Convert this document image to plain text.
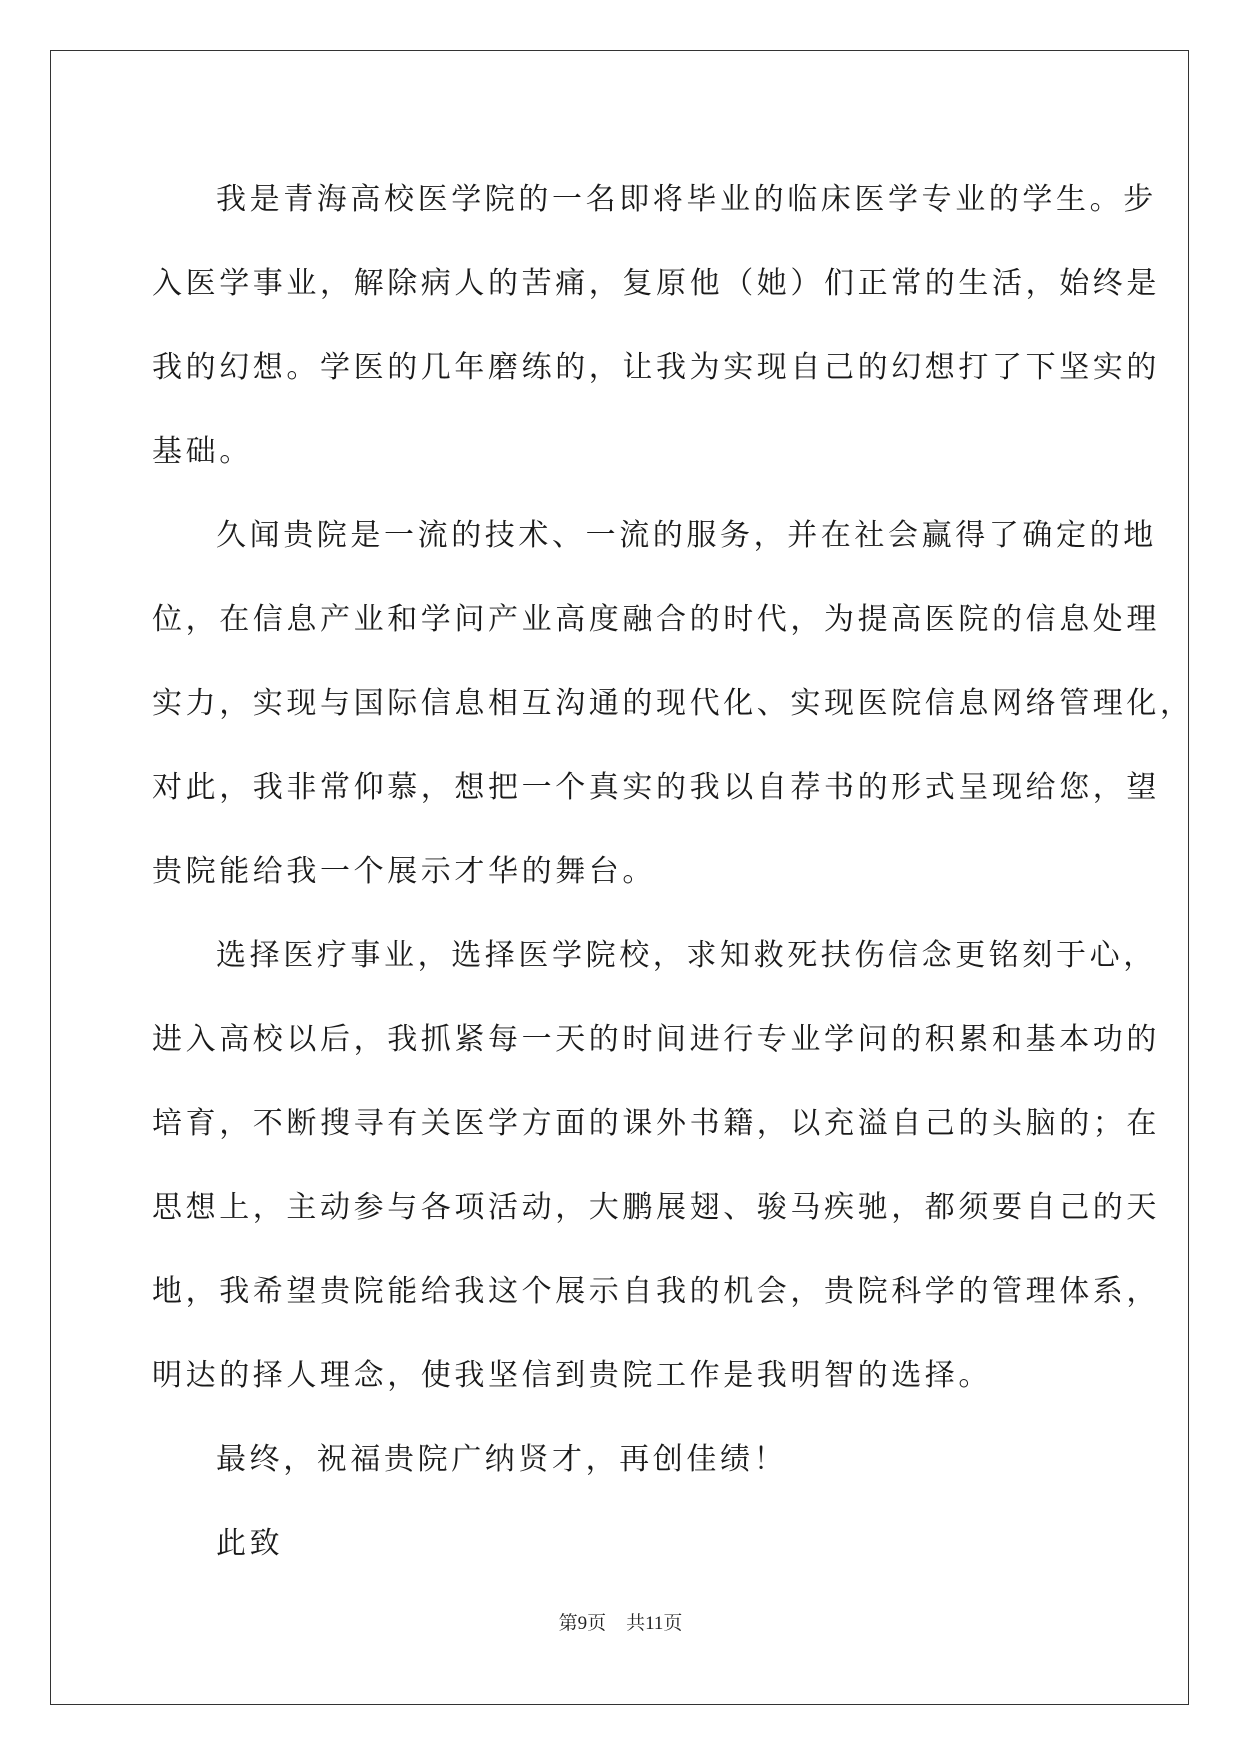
我是青海高校医学院的一名即将毕业的临床医学专业的学生。步
入医学事业，解除病人的苦痛，复原他（她）们正常的生活，始终是
我的幻想。学医的几年磨练的，让我为实现自己的幻想打了下坚实的
基础。
久闻贵院是一流的技术、一流的服务，并在社会赢得了确定的地
位，在信息产业和学问产业高度融合的时代，为提高医院的信息处理
实力，实现与国际信息相互沟通的现代化、实现医院信息网络管理化，
对此，我非常仰慕，想把一个真实的我以自荐书的形式呈现给您，望
贵院能给我一个展示才华的舞台。
选择医疗事业，选择医学院校，求知救死扶伤信念更铭刻于心，
进入高校以后，我抓紧每一天的时间进行专业学问的积累和基本功的
培育，不断搜寻有关医学方面的课外书籍，以充溢自己的头脑的；在
思想上，主动参与各项活动，大鹏展翅、骏马疾驰，都须要自己的天
地，我希望贵院能给我这个展示自我的机会，贵院科学的管理体系，
明达的择人理念，使我坚信到贵院工作是我明智的选择。
最终，祝福贵院广纳贤才，再创佳绩！
此致
第9页 共11页
